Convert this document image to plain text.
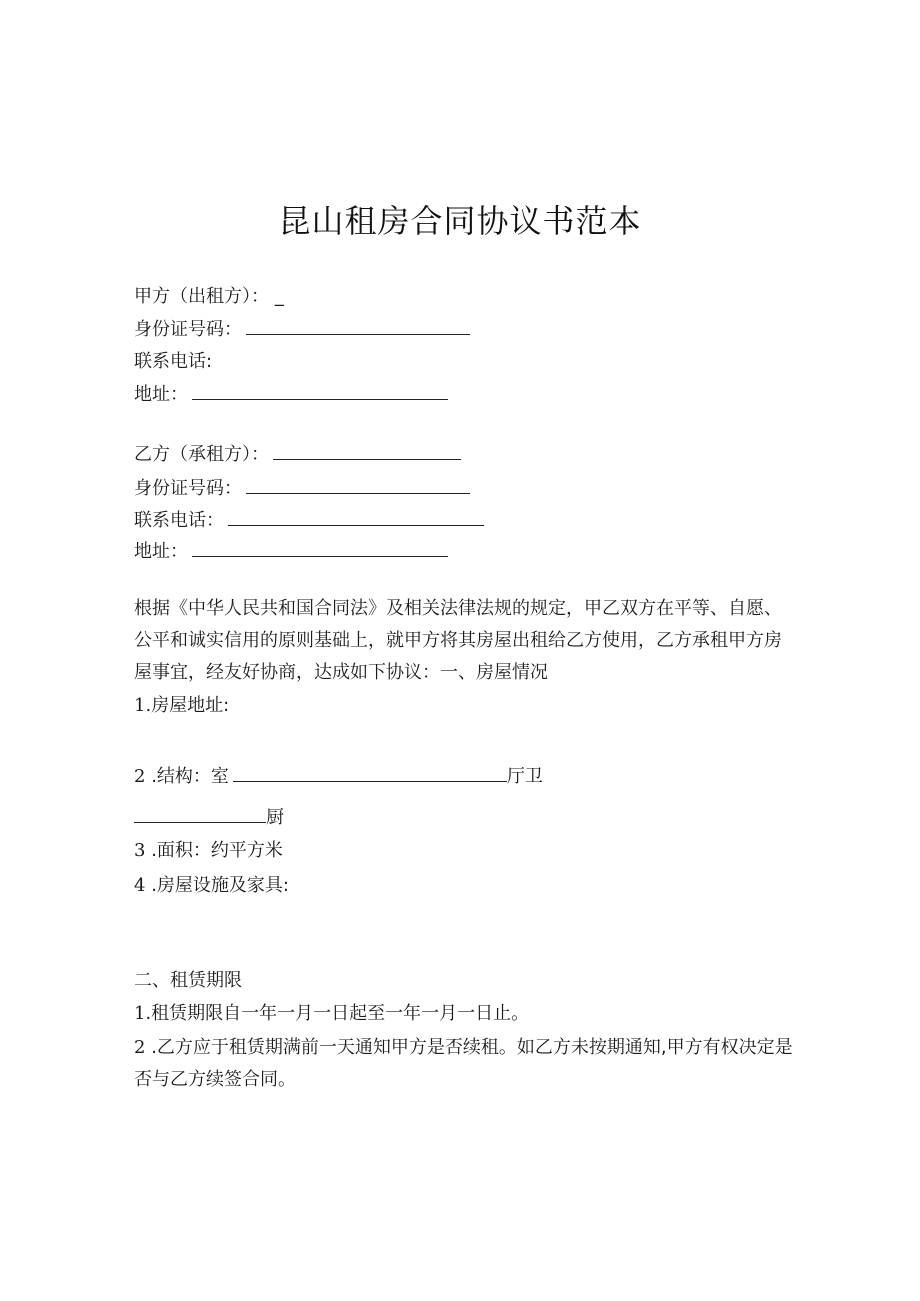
昆山租房合同协议书范本
甲方（出租方）： _
身份证号码：
联系电话:
地址：
乙方（承租方）：
身份证号码：
联系电话：
地址：
根据《中华人民共和国合同法》及相关法律法规的规定，甲乙双方在平等、自愿、公平和诚实信用的原则基础上，就甲方将其房屋出租给乙方使用，乙方承租甲方房屋事宜，经友好协商，达成如下协议：一、房屋情况
1.房屋地址:
2 .结构：室	厅卫
厨
3 .面积：约平方米
4 .房屋设施及家具:
二、租赁期限
1.租赁期限自一年一月一日起至一年一月一日止。
2 .乙方应于租赁期满前一天通知甲方是否续租。如乙方未按期通知,甲方有权决定是否与乙方续签合同。
